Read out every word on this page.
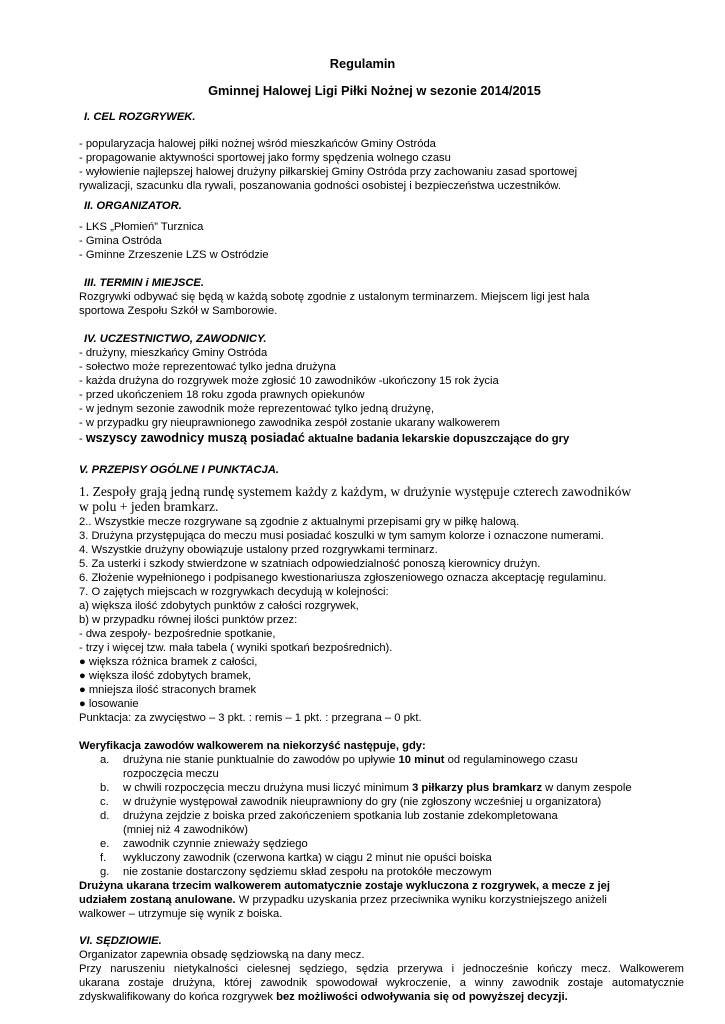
Regulamin
Gminnej Halowej Ligi Piłki Nożnej w sezonie 2014/2015
I. CEL ROZGRYWEK.
- popularyzacja halowej piłki nożnej wśród mieszkańców Gminy Ostróda
- propagowanie aktywności sportowej jako formy spędzenia wolnego czasu
- wyłowienie najlepszej halowej drużyny piłkarskiej Gminy Ostróda przy zachowaniu zasad sportowej
rywalizacji, szacunku dla rywali, poszanowania godności osobistej i bezpieczeństwa uczestników.
II. ORGANIZATOR.
- LKS „Płomień” Turznica
- Gmina Ostróda
- Gminne Zrzeszenie LZS w Ostródzie
III. TERMIN i MIEJSCE.
Rozgrywki odbywać się będą w każdą sobotę zgodnie z ustalonym terminarzem. Miejscem ligi jest hala
sportowa Zespołu Szkół w Samborowie.
IV. UCZESTNICTWO, ZAWODNICY.
- drużyny, mieszkańcy Gminy Ostróda
- sołectwo może reprezentować tylko jedna drużyna
- każda drużyna do rozgrywek może zgłosić 10 zawodników -ukończony 15 rok życia
- przed ukończeniem 18 roku zgoda prawnych opiekunów
- w jednym sezonie zawodnik może reprezentować tylko jedną drużynę,
- w przypadku gry nieuprawnionego zawodnika zespół zostanie ukarany walkowerem
- wszyscy zawodnicy muszą posiadać aktualne badania lekarskie dopuszczające do gry
V. PRZEPISY OGÓLNE I PUNKTACJA.
1. Zespoły grają jedną rundę systemem każdy z każdym, w drużynie występuje czterech zawodników
w polu + jeden bramkarz.
2.. Wszystkie mecze rozgrywane są zgodnie z aktualnymi przepisami gry w piłkę halową.
3. Drużyna przystępująca do meczu musi posiadać koszulki w tym samym kolorze i oznaczone numerami.
4. Wszystkie drużyny obowiązuje ustalony przed rozgrywkami terminarz.
5. Za usterki i szkody stwierdzone w szatniach odpowiedzialność ponoszą kierownicy drużyn.
6. Złożenie wypełnionego i podpisanego kwestionariusza zgłoszeniowego oznacza akceptację regulaminu.
7. O zajętych miejscach w rozgrywkach decydują w kolejności:
a) większa ilość zdobytych punktów z całości rozgrywek,
b) w przypadku równej ilości punktów przez:
- dwa zespoły- bezpośrednie spotkanie,
- trzy i więcej tzw. mała tabela ( wyniki spotkań bezpośrednich).
● większa różnica bramek z całości,
● większa ilość zdobytych bramek,
● mniejsza ilość straconych bramek
● losowanie
Punktacja: za zwycięstwo – 3 pkt. : remis – 1 pkt. : przegrana – 0 pkt.
Weryfikacja zawodów walkowerem na niekorzyść następuje, gdy:
a. drużyna nie stanie punktualnie do zawodów po upływie 10 minut od regulaminowego czasu
rozpoczęcia meczu
b. w chwili rozpoczęcia meczu drużyna musi liczyć minimum 3 piłkarzy plus bramkarz w danym zespole
c. w drużynie występował zawodnik nieuprawniony do gry (nie zgłoszony wcześniej u organizatora)
d. drużyna zejdzie z boiska przed zakończeniem spotkania lub zostanie zdekompletowana
(mniej niż 4 zawodników)
e. zawodnik czynnie znieważy sędziego
f. wykluczony zawodnik (czerwona kartka) w ciągu 2 minut nie opuści boiska
g. nie zostanie dostarczony sędziemu skład zespołu na protokółe meczowym
Drużyna ukarana trzecim walkowerem automatycznie zostaje wykluczona z rozgrywek, a mecze z jej
udziałem zostaną anulowane. W przypadku uzyskania przez przeciwnika wyniku korzystniejszego aniżeli
walkower – utrzymuje się wynik z boiska.
VI. SĘDZIOWIE.
Organizator zapewnia obsadę sędziowską na dany mecz.
Przy naruszeniu nietykalności cielesnej sędziego, sędzia przerywa i jednocześnie kończy mecz. Walkowerem
ukarana zostaje drużyna, której zawodnik spowodował wykroczenie, a winny zawodnik zostaje automatycznie
zdyskwalifikowany do końca rozgrywek bez możliwości odwoływania się od powyższej decyzji.
